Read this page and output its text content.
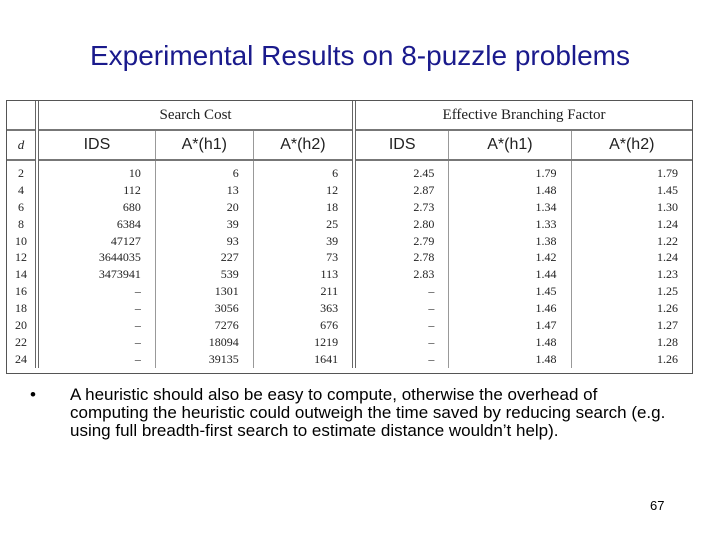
Experimental Results on 8-puzzle problems
	Search Cost			Effective Branching Factor		
d	IDS	A*(h1)	A*(h2)	IDS	A*(h1)	A*(h2)
2	10	6	6	2.45	1.79	1.79
4	112	13	12	2.87	1.48	1.45
6	680	20	18	2.73	1.34	1.30
8	6384	39	25	2.80	1.33	1.24
10	47127	93	39	2.79	1.38	1.22
12	3644035	227	73	2.78	1.42	1.24
14	3473941	539	113	2.83	1.44	1.23
16	–	1301	211	–	1.45	1.25
18	–	3056	363	–	1.46	1.26
20	–	7276	676	–	1.47	1.27
22	–	18094	1219	–	1.48	1.28
24	–	39135	1641	–	1.48	1.26
• A heuristic should also be easy to compute, otherwise the overhead of computing the heuristic could outweigh the time saved by reducing search (e.g. using full breadth-first search to estimate distance wouldn’t help).
67
